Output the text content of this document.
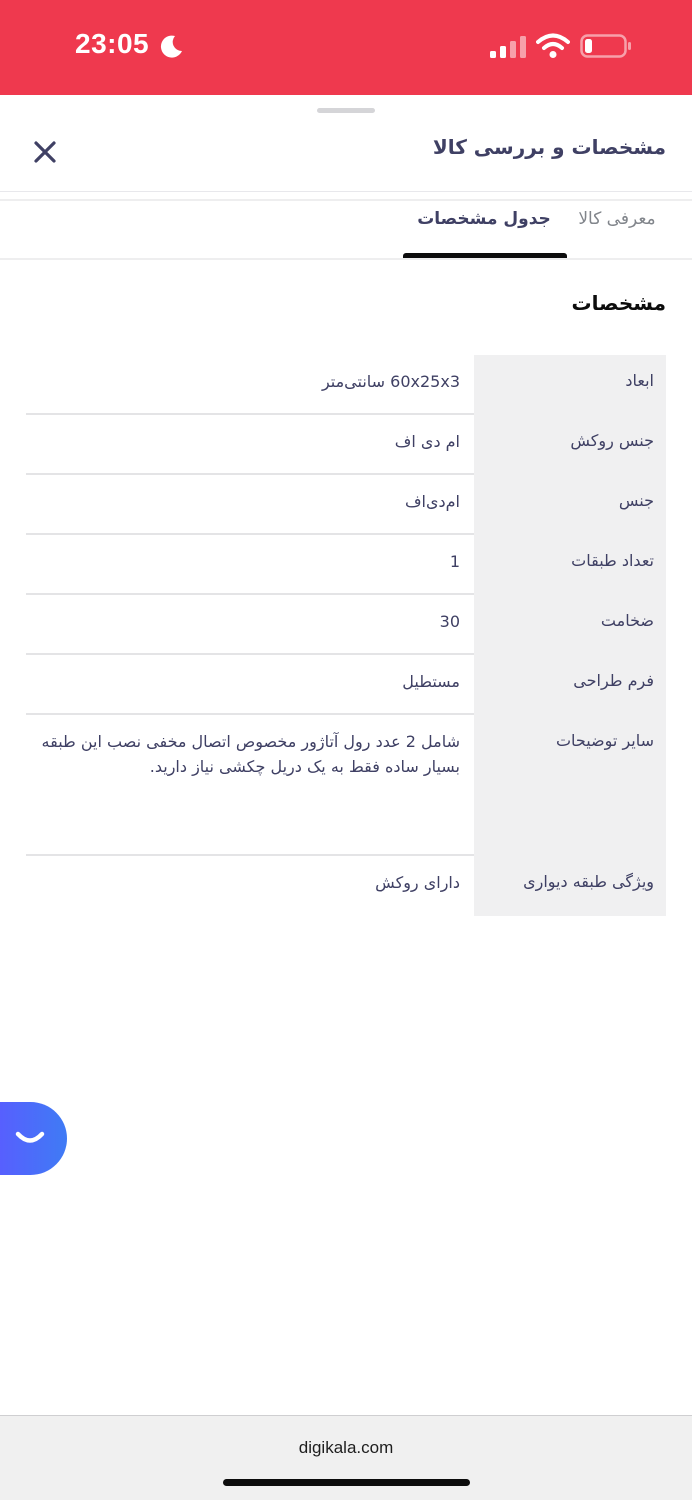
23:05
مشخصات و بررسی کالا
معرفی کالا
جدول مشخصات
مشخصات
ابعاد
60x25x3 سانتی‌متر
جنس روکش
ام دی اف
جنس
ام‌دی‌اف
تعداد طبقات
1
ضخامت
30
فرم طراحی
مستطیل
سایر توضیحات
شامل 2 عدد رول آتاژور مخصوص اتصال مخفی نصب این طبقه بسیار ساده فقط به یک دریل چکشی نیاز دارید.
ویژگی طبقه دیواری
دارای روکش
digikala.com
